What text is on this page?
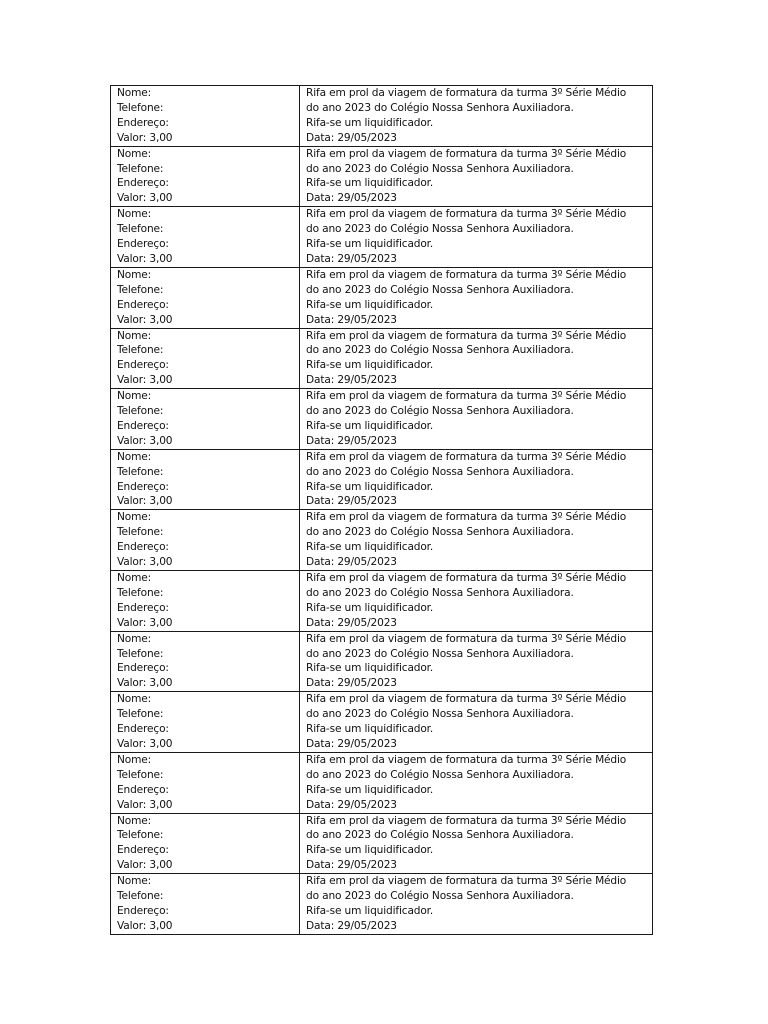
Nome:
Telefone:
Endereço:
Valor: 3,00	Rifa em prol da viagem de formatura da turma 3º Série Médio
do ano 2023 do Colégio Nossa Senhora Auxiliadora.
Rifa-se um liquidificador.
Data: 29/05/2023

Nome:
Telefone:
Endereço:
Valor: 3,00	Rifa em prol da viagem de formatura da turma 3º Série Médio
do ano 2023 do Colégio Nossa Senhora Auxiliadora.
Rifa-se um liquidificador.
Data: 29/05/2023

Nome:
Telefone:
Endereço:
Valor: 3,00	Rifa em prol da viagem de formatura da turma 3º Série Médio
do ano 2023 do Colégio Nossa Senhora Auxiliadora.
Rifa-se um liquidificador.
Data: 29/05/2023

Nome:
Telefone:
Endereço:
Valor: 3,00	Rifa em prol da viagem de formatura da turma 3º Série Médio
do ano 2023 do Colégio Nossa Senhora Auxiliadora.
Rifa-se um liquidificador.
Data: 29/05/2023

Nome:
Telefone:
Endereço:
Valor: 3,00	Rifa em prol da viagem de formatura da turma 3º Série Médio
do ano 2023 do Colégio Nossa Senhora Auxiliadora.
Rifa-se um liquidificador.
Data: 29/05/2023

Nome:
Telefone:
Endereço:
Valor: 3,00	Rifa em prol da viagem de formatura da turma 3º Série Médio
do ano 2023 do Colégio Nossa Senhora Auxiliadora.
Rifa-se um liquidificador.
Data: 29/05/2023

Nome:
Telefone:
Endereço:
Valor: 3,00	Rifa em prol da viagem de formatura da turma 3º Série Médio
do ano 2023 do Colégio Nossa Senhora Auxiliadora.
Rifa-se um liquidificador.
Data: 29/05/2023

Nome:
Telefone:
Endereço:
Valor: 3,00	Rifa em prol da viagem de formatura da turma 3º Série Médio
do ano 2023 do Colégio Nossa Senhora Auxiliadora.
Rifa-se um liquidificador.
Data: 29/05/2023

Nome:
Telefone:
Endereço:
Valor: 3,00	Rifa em prol da viagem de formatura da turma 3º Série Médio
do ano 2023 do Colégio Nossa Senhora Auxiliadora.
Rifa-se um liquidificador.
Data: 29/05/2023

Nome:
Telefone:
Endereço:
Valor: 3,00	Rifa em prol da viagem de formatura da turma 3º Série Médio
do ano 2023 do Colégio Nossa Senhora Auxiliadora.
Rifa-se um liquidificador.
Data: 29/05/2023

Nome:
Telefone:
Endereço:
Valor: 3,00	Rifa em prol da viagem de formatura da turma 3º Série Médio
do ano 2023 do Colégio Nossa Senhora Auxiliadora.
Rifa-se um liquidificador.
Data: 29/05/2023

Nome:
Telefone:
Endereço:
Valor: 3,00	Rifa em prol da viagem de formatura da turma 3º Série Médio
do ano 2023 do Colégio Nossa Senhora Auxiliadora.
Rifa-se um liquidificador.
Data: 29/05/2023

Nome:
Telefone:
Endereço:
Valor: 3,00	Rifa em prol da viagem de formatura da turma 3º Série Médio
do ano 2023 do Colégio Nossa Senhora Auxiliadora.
Rifa-se um liquidificador.
Data: 29/05/2023

Nome:
Telefone:
Endereço:
Valor: 3,00	Rifa em prol da viagem de formatura da turma 3º Série Médio
do ano 2023 do Colégio Nossa Senhora Auxiliadora.
Rifa-se um liquidificador.
Data: 29/05/2023
